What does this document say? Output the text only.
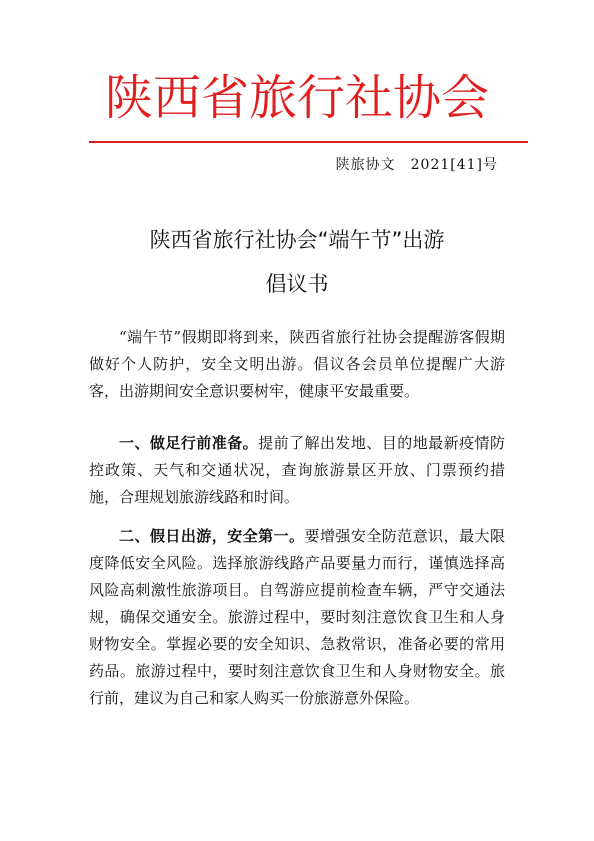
陕西省旅行社协会
陕旅协文　2021[41]号
陕西省旅行社协会“端午节”出游
倡议书

“端午节”假期即将到来，陕西省旅行社协会提醒游客假期做好个人防护，安全文明出游。倡议各会员单位提醒广大游客，出游期间安全意识要树牢，健康平安最重要。

一、做足行前准备。提前了解出发地、目的地最新疫情防控政策、天气和交通状况，查询旅游景区开放、门票预约措施，合理规划旅游线路和时间。

二、假日出游，安全第一。要增强安全防范意识，最大限度降低安全风险。选择旅游线路产品要量力而行，谨慎选择高风险高刺激性旅游项目。自驾游应提前检查车辆，严守交通法规，确保交通安全。旅游过程中，要时刻注意饮食卫生和人身财物安全。掌握必要的安全知识、急救常识，准备必要的常用药品。旅游过程中，要时刻注意饮食卫生和人身财物安全。旅行前，建议为自己和家人购买一份旅游意外保险。
